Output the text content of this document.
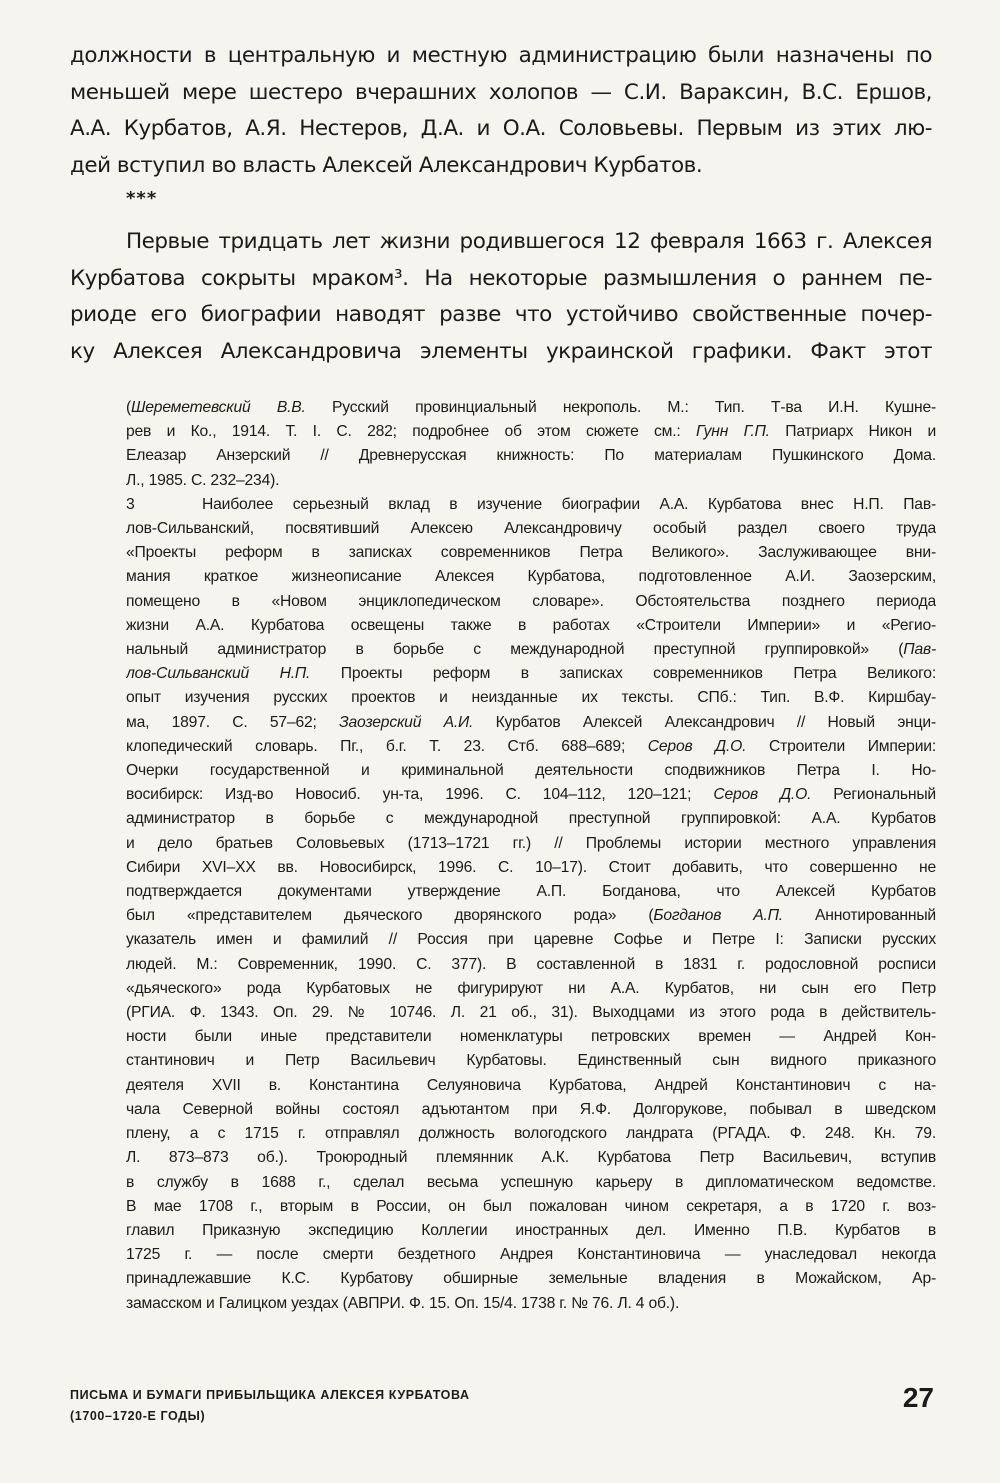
должности в центральную и местную администрацию были назначены по
меньшей мере шестеро вчерашних холопов — С.И. Вараксин, В.С. Ершов,
А.А. Курбатов, А.Я. Нестеров, Д.А. и О.А. Соловьевы. Первым из этих лю-
дей вступил во власть Алексей Александрович Курбатов.
***
Первые тридцать лет жизни родившегося 12 февраля 1663 г. Алексея
Курбатова сокрыты мраком³. На некоторые размышления о раннем пе-
риоде его биографии наводят разве что устойчиво свойственные почер-
ку Алексея Александровича элементы украинской графики. Факт этот
(Шереметевский В.В. Русский провинциальный некрополь. М.: Тип. Т-ва И.Н. Кушне-
рев и Ко., 1914. Т. I. С. 282; подробнее об этом сюжете см.: Гунн Г.П. Патриарх Никон и
Елеазар Анзерский // Древнерусская книжность: По материалам Пушкинского Дома.
Л., 1985. С. 232–234).
3	Наиболее серьезный вклад в изучение биографии А.А. Курбатова внес Н.П. Пав-
лов-Сильванский, посвятивший Алексею Александровичу особый раздел своего труда
«Проекты реформ в записках современников Петра Великого». Заслуживающее вни-
мания краткое жизнеописание Алексея Курбатова, подготовленное А.И. Заозерским,
помещено в «Новом энциклопедическом словаре». Обстоятельства позднего периода
жизни А.А. Курбатова освещены также в работах «Строители Империи» и «Регио-
нальный администратор в борьбе с международной преступной группировкой» (Пав-
лов-Сильванский Н.П. Проекты реформ в записках современников Петра Великого:
опыт изучения русских проектов и неизданные их тексты. СПб.: Тип. В.Ф. Киршбау-
ма, 1897. С. 57–62; Заозерский А.И. Курбатов Алексей Александрович // Новый энци-
клопедический словарь. Пг., б.г. Т. 23. Стб. 688–689; Серов Д.О. Строители Империи:
Очерки государственной и криминальной деятельности сподвижников Петра I. Но-
восибирск: Изд-во Новосиб. ун-та, 1996. С. 104–112, 120–121; Серов Д.О. Региональный
администратор в борьбе с международной преступной группировкой: А.А. Курбатов
и дело братьев Соловьевых (1713–1721 гг.) // Проблемы истории местного управления
Сибири XVI–XX вв. Новосибирск, 1996. С. 10–17). Стоит добавить, что совершенно не
подтверждается документами утверждение А.П. Богданова, что Алексей Курбатов
был «представителем дьяческого дворянского рода» (Богданов А.П. Аннотированный
указатель имен и фамилий // Россия при царевне Софье и Петре I: Записки русских
людей. М.: Современник, 1990. С. 377). В составленной в 1831 г. родословной росписи
«дьяческого» рода Курбатовых не фигурируют ни А.А. Курбатов, ни сын его Петр
(РГИА. Ф. 1343. Оп. 29. № 10746. Л. 21 об., 31). Выходцами из этого рода в действитель-
ности были иные представители номенклатуры петровских времен — Андрей Кон-
стантинович и Петр Васильевич Курбатовы. Единственный сын видного приказного
деятеля XVII в. Константина Селуяновича Курбатова, Андрей Константинович с на-
чала Северной войны состоял адъютантом при Я.Ф. Долгорукове, побывал в шведском
плену, а с 1715 г. отправлял должность вологодского ландрата (РГАДА. Ф. 248. Кн. 79.
Л. 873–873 об.). Троюродный племянник А.К. Курбатова Петр Васильевич, вступив
в службу в 1688 г., сделал весьма успешную карьеру в дипломатическом ведомстве.
В мае 1708 г., вторым в России, он был пожалован чином секретаря, а в 1720 г. воз-
главил Приказную экспедицию Коллегии иностранных дел. Именно П.В. Курбатов в
1725 г. — после смерти бездетного Андрея Константиновича — унаследовал некогда
принадлежавшие К.С. Курбатову обширные земельные владения в Можайском, Ар-
замасском и Галицком уездах (АВПРИ. Ф. 15. Оп. 15/4. 1738 г. № 76. Л. 4 об.).
ПИСЬМА И БУМАГИ ПРИБЫЛЬЩИКА АЛЕКСЕЯ КУРБАТОВА
(1700–1720-Е ГОДЫ)
27
